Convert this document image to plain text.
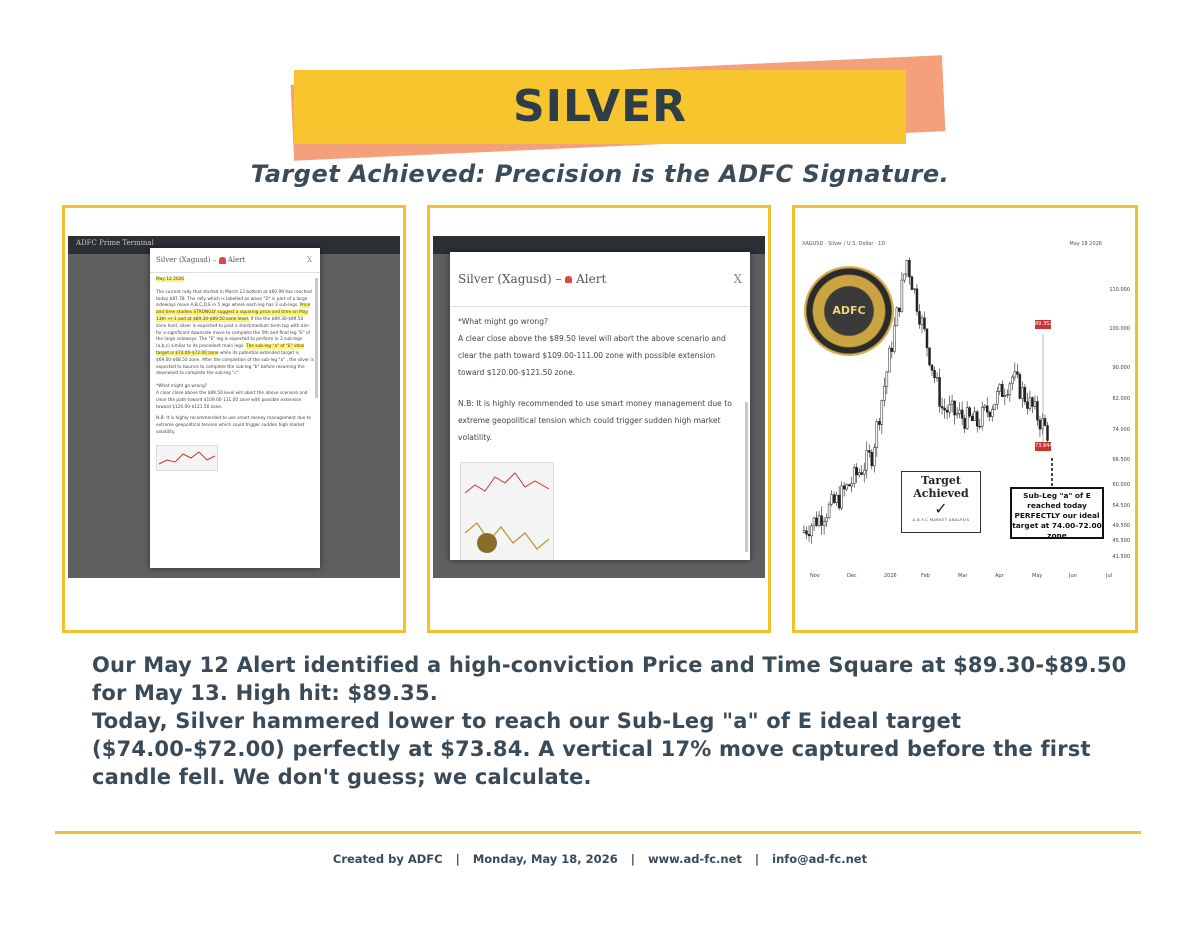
SILVER
Target Achieved: Precision is the ADFC Signature.
ADFC Prime Terminal
Silver (Xagusd) – Alert	X
May 12 2026
The current rally that started in March 23 bottom at $60.99 has reached today $87.78. The rally which is labelled as wave "D" is part of a large sideways move A,B,C,D,E in 5 legs where each leg has 3 sub-legs. Price and time studies STRONGLY suggest a squaring price and time on May 13th +/-1 and at $89.30-$89.50 zone level. If the the $89.30-$89.50 zone hold, silver is expected to post a short/medium term top with aim for a significant downside move to complete the 5th and final leg "E" of the large sideways. The "E" leg is expected to perform in 3 sub-legs (a,b,c) similar to its precedent main legs. The sub-leg "a" of "E" ideal target is $74.00-$72.00 zone while its potential extended target is $69.00-$68.50 zone. After the completion of the sub-leg "a" , the silver is expected to bounce to complete the sub-leg "b" before resuming the downward to complete the sub-leg "c".
*What might go wrong?
A clear close above the $89.50 level will abort the above scenario and clear the path toward $109.00-111.00 zone with possible extension toward $120.00-$121.50 zone.
N.B: It is highly recommended to use smart money management due to extreme geopolitical tension which could trigger sudden high market volatility.
Silver (Xagusd) – Alert	X
*What might go wrong?
A clear close above the $89.50 level will abort the above scenario and clear the path toward $109.00-111.00 zone with possible extension toward $120.00-$121.50 zone.
N.B: It is highly recommended to use smart money management due to extreme geopolitical tension which could trigger sudden high market volatility.
XAGUSD · Silver / U.S. Dollar · 1D	May 18 2026
ADFC
Target Achieved
✓
A.D.F.C MARKET ANALYSIS
89.352
73.844
Sub-Leg "a" of E reached today PERFECTLY our ideal target at 74.00-72.00 zone
110.000
100.000
90.000
82.000
74.000
66.500
60.000
54.500
49.500
45.500
41.500
Nov	Dec	2026	Feb	Mar	Apr	May	Jun	Jul

Our May 12 Alert identified a high-conviction Price and Time Square at $89.30-$89.50 for May 13. High hit: $89.35.

Today, Silver hammered lower to reach our Sub-Leg "a" of E ideal target ($74.00-$72.00) perfectly at $73.84. A vertical 17% move captured before the first candle fell. We don't guess; we calculate.

Created by ADFC | Monday, May 18, 2026 | www.ad-fc.net | info@ad-fc.net
